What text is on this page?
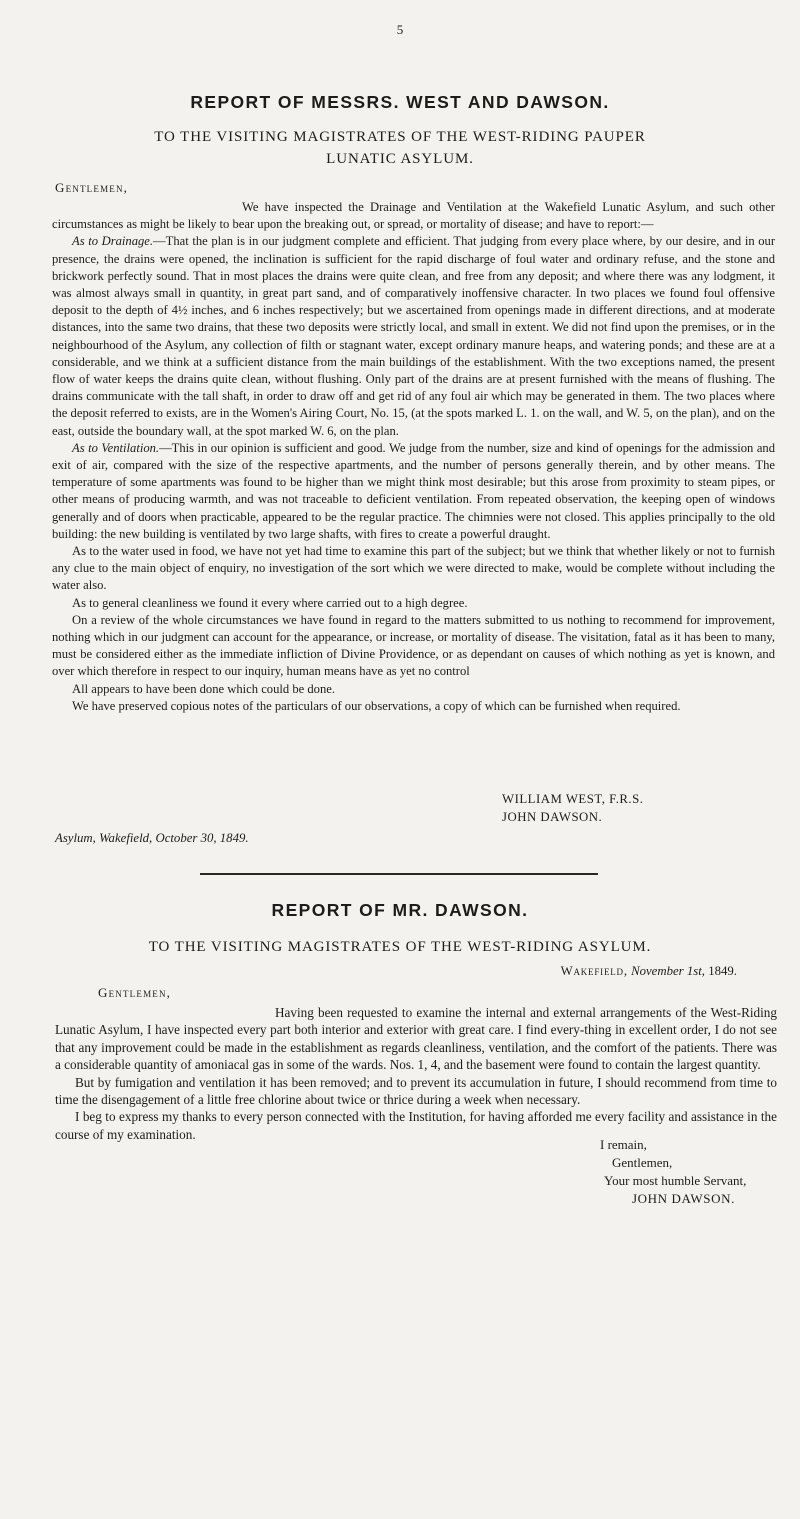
5
REPORT OF MESSRS. WEST AND DAWSON.
TO THE VISITING MAGISTRATES OF THE WEST-RIDING PAUPER
LUNATIC ASYLUM.
Gentlemen,

We have inspected the Drainage and Ventilation at the Wakefield Lunatic Asylum, and such other circumstances as might be likely to bear upon the breaking out, or spread, or mortality of disease; and have to report:—

As to Drainage.—That the plan is in our judgment complete and efficient. That judging from every place where, by our desire, and in our presence, the drains were opened, the inclination is sufficient for the rapid discharge of foul water and ordinary refuse, and the stone and brickwork perfectly sound. That in most places the drains were quite clean, and free from any deposit; and where there was any lodgment, it was almost always small in quantity, in great part sand, and of comparatively inoffensive character. In two places we found foul offensive deposit to the depth of 4½ inches, and 6 inches respectively; but we ascertained from openings made in different directions, and at moderate distances, into the same two drains, that these two deposits were strictly local, and small in extent. We did not find upon the premises, or in the neighbourhood of the Asylum, any collection of filth or stagnant water, except ordinary manure heaps, and watering ponds; and these are at a considerable, and we think at a sufficient distance from the main buildings of the establishment. With the two exceptions named, the present flow of water keeps the drains quite clean, without flushing. Only part of the drains are at present furnished with the means of flushing. The drains communicate with the tall shaft, in order to draw off and get rid of any foul air which may be generated in them. The two places where the deposit referred to exists, are in the Women's Airing Court, No. 15, (at the spots marked L. 1. on the wall, and W. 5, on the plan), and on the east, outside the boundary wall, at the spot marked W. 6, on the plan.

As to Ventilation.—This in our opinion is sufficient and good. We judge from the number, size and kind of openings for the admission and exit of air, compared with the size of the respective apartments, and the number of persons generally therein, and by other means. The temperature of some apartments was found to be higher than we might think most desirable; but this arose from proximity to steam pipes, or other means of producing warmth, and was not traceable to deficient ventilation. From repeated observation, the keeping open of windows generally and of doors when practicable, appeared to be the regular practice. The chimnies were not closed. This applies principally to the old building: the new building is ventilated by two large shafts, with fires to create a powerful draught.

As to the water used in food, we have not yet had time to examine this part of the subject; but we think that whether likely or not to furnish any clue to the main object of enquiry, no investigation of the sort which we were directed to make, would be complete without including the water also.

As to general cleanliness we found it every where carried out to a high degree.

On a review of the whole circumstances we have found in regard to the matters submitted to us nothing to recommend for improvement, nothing which in our judgment can account for the appearance, or increase, or mortality of disease. The visitation, fatal as it has been to many, must be considered either as the immediate infliction of Divine Providence, or as dependant on causes of which nothing as yet is known, and over which therefore in respect to our inquiry, human means have as yet no control

All appears to have been done which could be done.

We have preserved copious notes of the particulars of our observations, a copy of which can be furnished when required.

WILLIAM WEST, F.R.S.
JOHN DAWSON.
Asylum, Wakefield, October 30, 1849.
REPORT OF MR. DAWSON.
TO THE VISITING MAGISTRATES OF THE WEST-RIDING ASYLUM.
Wakefield, November 1st, 1849.
Gentlemen,

Having been requested to examine the internal and external arrangements of the West-Riding Lunatic Asylum, I have inspected every part both interior and exterior with great care. I find every-thing in excellent order, I do not see that any improvement could be made in the establishment as regards cleanliness, ventilation, and the comfort of the patients. There was a considerable quantity of amoniacal gas in some of the wards. Nos. 1, 4, and the basement were found to contain the largest quantity.

But by fumigation and ventilation it has been removed; and to prevent its accumulation in future, I should recommend from time to time the disengagement of a little free chlorine about twice or thrice during a week when necessary.

I beg to express my thanks to every person connected with the Institution, for having afforded me every facility and assistance in the course of my examination.

I remain,
Gentlemen,
Your most humble Servant,
JOHN DAWSON.
